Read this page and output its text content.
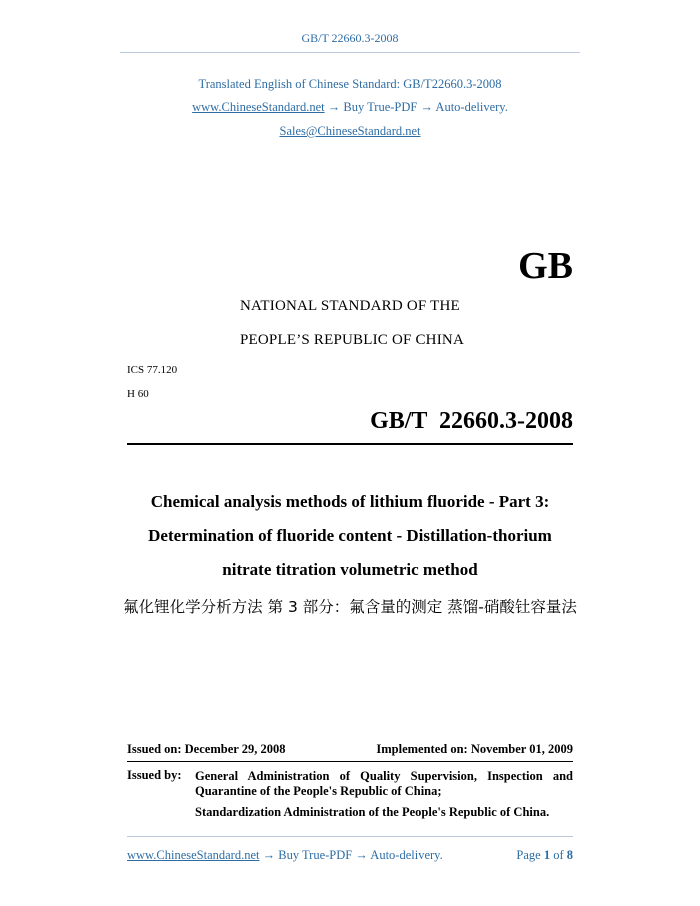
GB/T 22660.3-2008
Translated English of Chinese Standard: GB/T22660.3-2008
www.ChineseStandard.net → Buy True-PDF → Auto-delivery.
Sales@ChineseStandard.net
GB
NATIONAL STANDARD OF THE
PEOPLE’S REPUBLIC OF CHINA
ICS 77.120
H 60
GB/T  22660.3-2008
Chemical analysis methods of lithium fluoride - Part 3:
Determination of fluoride content - Distillation-thorium
nitrate titration volumetric method
氟化锂化学分析方法 第 3 部分：氟含量的测定 蒸馏-硝酸钍容量法
Issued on: December 29, 2008	Implemented on: November 01, 2009
Issued by: General Administration of Quality Supervision, Inspection and
Quarantine of the People's Republic of China;
Standardization Administration of the People's Republic of China.
www.ChineseStandard.net → Buy True-PDF → Auto-delivery.	Page 1 of 8
